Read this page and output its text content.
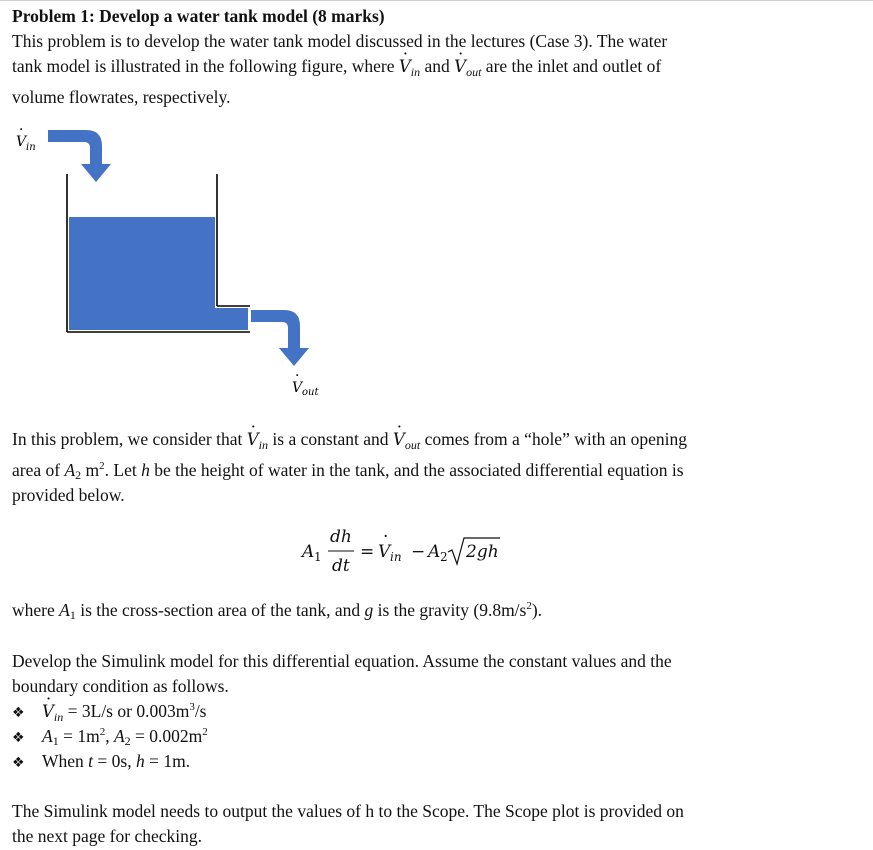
Problem 1: Develop a water tank model (8 marks)
This problem is to develop the water tank model discussed in the lectures (Case 3). The water
tank model is illustrated in the following figure, where · $V_{in}$ and · $V_{out}$ are the inlet and outlet of
volume flowrates, respectively.
V
·
in
V
·
out
In this problem, we consider that · $V_{in}$ is a constant and · $V_{out}$ comes from a “hole” with an opening
area of $A_2$ $m^2$. Let h be the height of water in the tank, and the associated differential equation is
provided below.
A 1
dh
dt
= V
·
in − A 2 2gh
where $A_1$ is the cross-section area of the tank, and g is the gravity $(9.8m/s^2)$.
Develop the Simulink model for this differential equation. Assume the constant values and the
boundary condition as follows.
❖· $V_{in} = 3L/s$ or $0.003m^3/s$
❖ $A_1 = 1m^2$, $A_2 = 0.002m^2$
❖ When t = 0s, h = 1m.
The Simulink model needs to output the values of h to the Scope. The Scope plot is provided on
the next page for checking.
